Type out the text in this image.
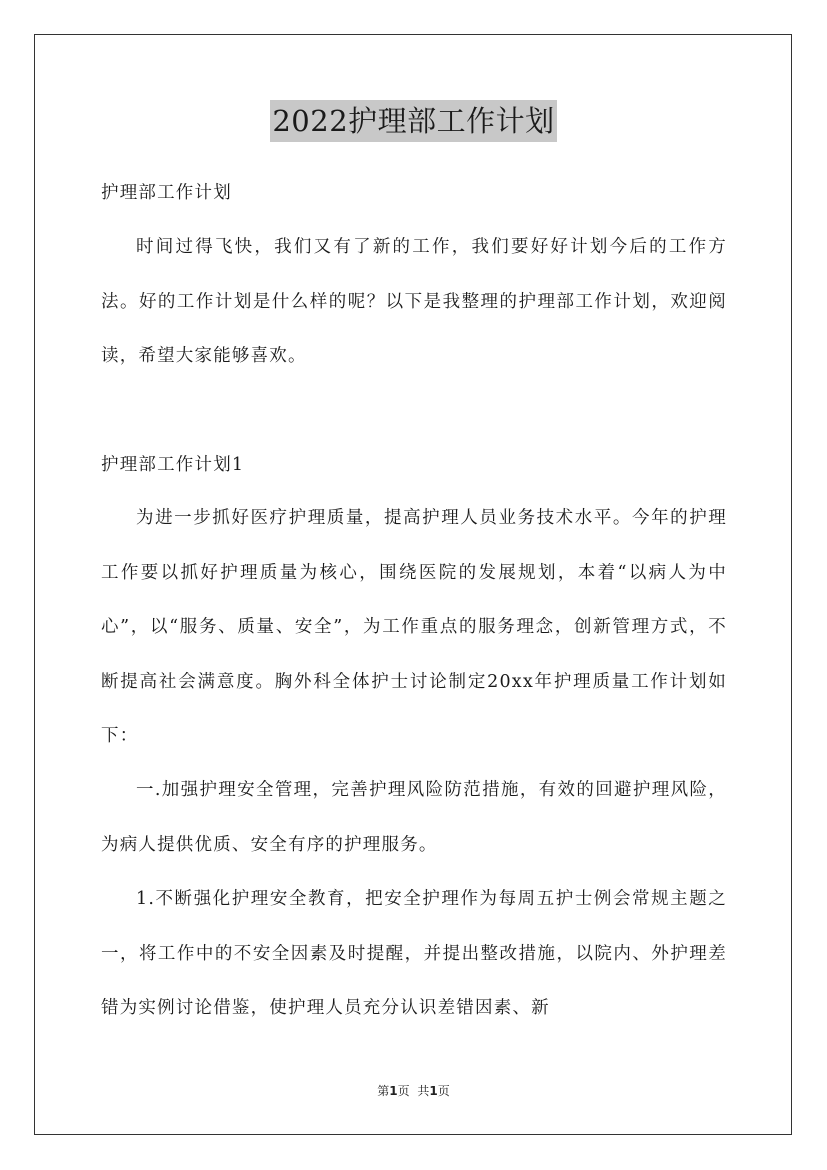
2022护理部工作计划
护理部工作计划
时间过得飞快，我们又有了新的工作，我们要好好计划今后的工作方法。好的工作计划是什么样的呢？以下是我整理的护理部工作计划，欢迎阅读，希望大家能够喜欢。
护理部工作计划1
为进一步抓好医疗护理质量，提高护理人员业务技术水平。今年的护理工作要以抓好护理质量为核心，围绕医院的发展规划，本着“以病人为中心”，以“服务、质量、安全”，为工作重点的服务理念，创新管理方式，不断提高社会满意度。胸外科全体护士讨论制定20xx年护理质量工作计划如下：
一.加强护理安全管理，完善护理风险防范措施，有效的回避护理风险，为病人提供优质、安全有序的护理服务。
1.不断强化护理安全教育，把安全护理作为每周五护士例会常规主题之一，将工作中的不安全因素及时提醒，并提出整改措施，以院内、外护理差错为实例讨论借鉴，使护理人员充分认识差错因素、新
第1页 共1页
